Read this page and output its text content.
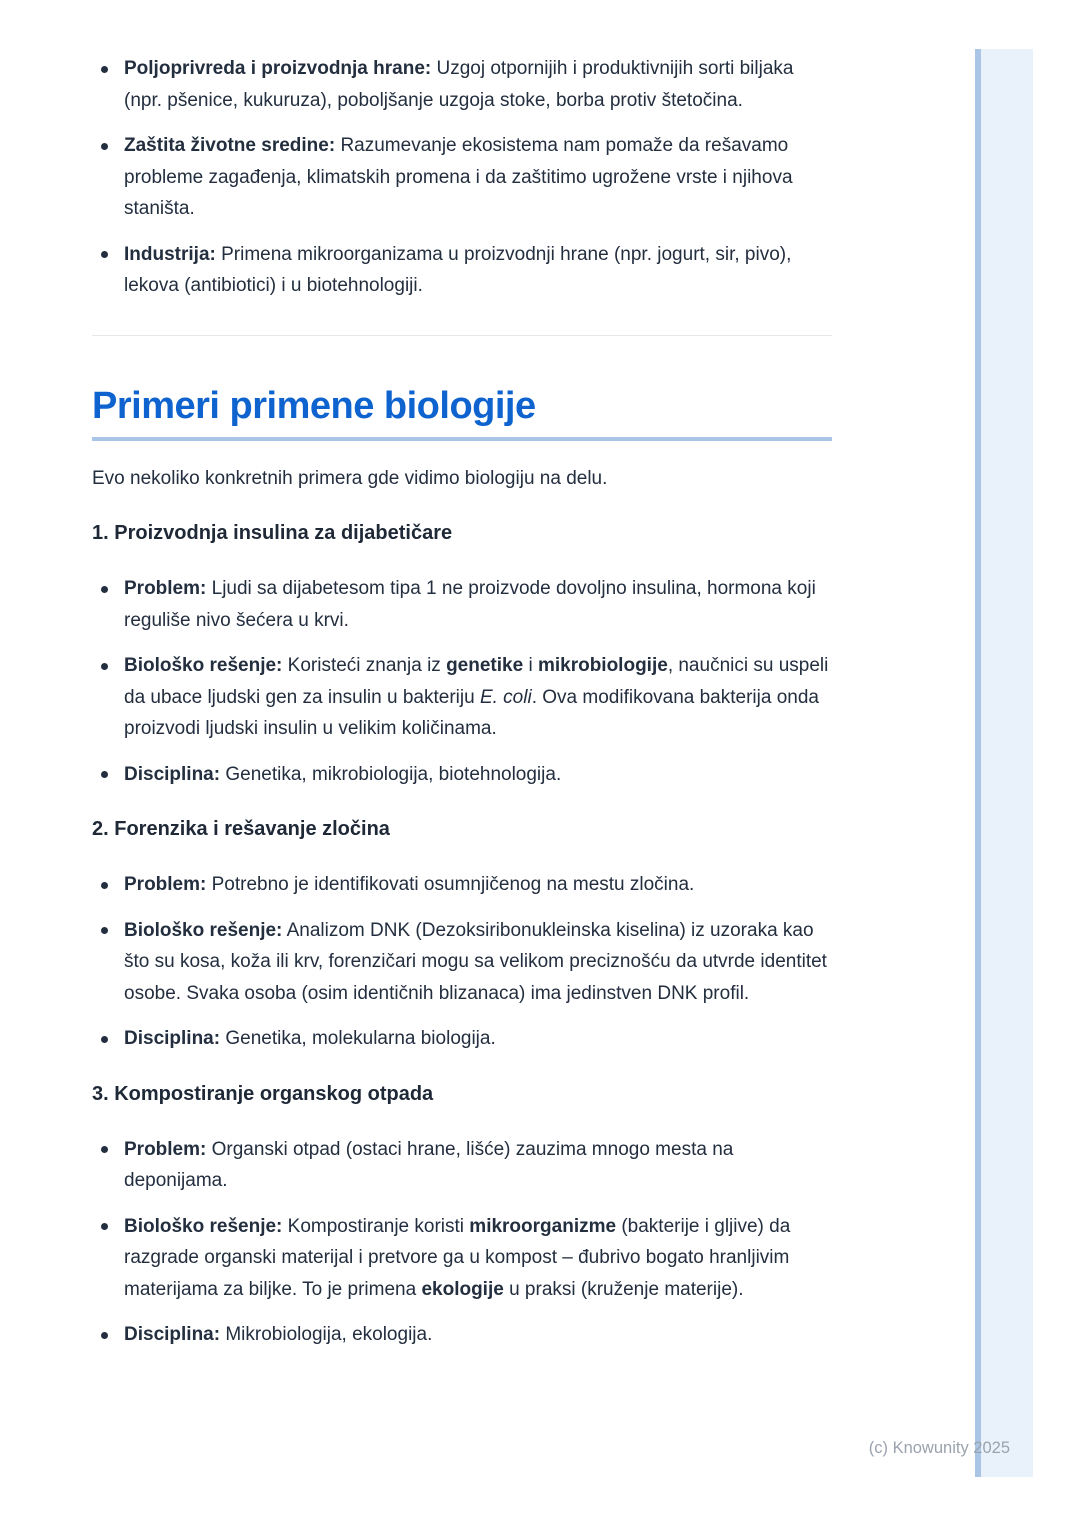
Poljoprivreda i proizvodnja hrane: Uzgoj otpornijih i produktivnijih sorti biljaka (npr. pšenice, kukuruza), poboljšanje uzgoja stoke, borba protiv štetočina.
Zaštita životne sredine: Razumevanje ekosistema nam pomaže da rešavamo probleme zagađenja, klimatskih promena i da zaštitimo ugrožene vrste i njihova staništa.
Industrija: Primena mikroorganizama u proizvodnji hrane (npr. jogurt, sir, pivo), lekova (antibiotici) i u biotehnologiji.
Primeri primene biologije

Evo nekoliko konkretnih primera gde vidimo biologiju na delu.

1. Proizvodnja insulina za dijabetičare
Problem: Ljudi sa dijabetesom tipa 1 ne proizvode dovoljno insulina, hormona koji reguliše nivo šećera u krvi.
Biološko rešenje: Koristeći znanja iz genetike i mikrobiologije, naučnici su uspeli da ubace ljudski gen za insulin u bakteriju E. coli. Ova modifikovana bakterija onda proizvodi ljudski insulin u velikim količinama.
Disciplina: Genetika, mikrobiologija, biotehnologija.
2. Forenzika i rešavanje zločina
Problem: Potrebno je identifikovati osumnjičenog na mestu zločina.
Biološko rešenje: Analizom DNK (Dezoksiribonukleinska kiselina) iz uzoraka kao što su kosa, koža ili krv, forenzičari mogu sa velikom preciznošću da utvrde identitet osobe. Svaka osoba (osim identičnih blizanaca) ima jedinstven DNK profil.
Disciplina: Genetika, molekularna biologija.
3. Kompostiranje organskog otpada
Problem: Organski otpad (ostaci hrane, lišće) zauzima mnogo mesta na deponijama.
Biološko rešenje: Kompostiranje koristi mikroorganizme (bakterije i gljive) da razgrade organski materijal i pretvore ga u kompost – đubrivo bogato hranljivim materijama za biljke. To je primena ekologije u praksi (kruženje materije).
Disciplina: Mikrobiologija, ekologija.
(c) Knowunity 2025
